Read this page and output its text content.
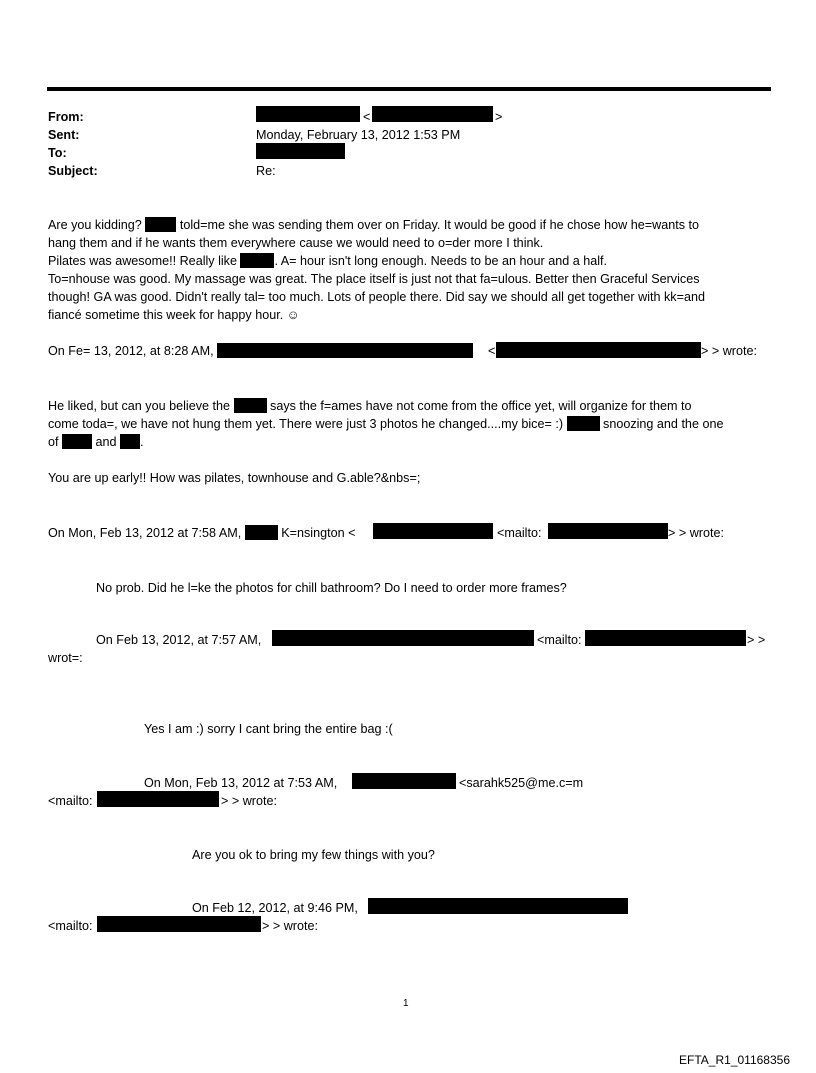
From:	<	>
Sent:	Monday, February 13, 2012 1:53 PM
To:
Subject:	Re:
Are you kidding?	told=me she was sending them over on Friday. It would be good if he chose how he=wants to
hang them and if he wants them everywhere cause we would need to o=der more I think.
Pilates was awesome!! Really like	. A= hour isn't long enough. Needs to be an hour and a half.
To=nhouse was good. My massage was great. The place itself is just not that fa=ulous. Better then Graceful Services
though! GA was good. Didn't really tal= too much. Lots of people there. Did say we should all get together with kk=and
fiancé sometime this week for happy hour. ☺
On Fe= 13, 2012, at 8:28 AM,	<	> > wrote:
He liked, but can you believe the	says the f=ames have not come from the office yet, will organize for them to
come toda=, we have not hung them yet. There were just 3 photos he changed....my bice= :)	snoozing and the one
of	and .
You are up early!! How was pilates, townhouse and G.able?&nbs=;
On Mon, Feb 13, 2012 at 7:58 AM,	K=nsington <	<mailto:	> > wrote:
No prob. Did he l=ke the photos for chill bathroom? Do I need to order more frames?
On Feb 13, 2012, at 7:57 AM,	<mailto:	> >
wrot=:
Yes I am :) sorry I cant bring the entire bag :(
On Mon, Feb 13, 2012 at 7:53 AM,	<sarahk525@me.c=m
<mailto:	> > wrote:
Are you ok to bring my few things with you?
On Feb 12, 2012, at 9:46 PM,
<mailto:	> > wrote:
1
EFTA_R1_01168356
